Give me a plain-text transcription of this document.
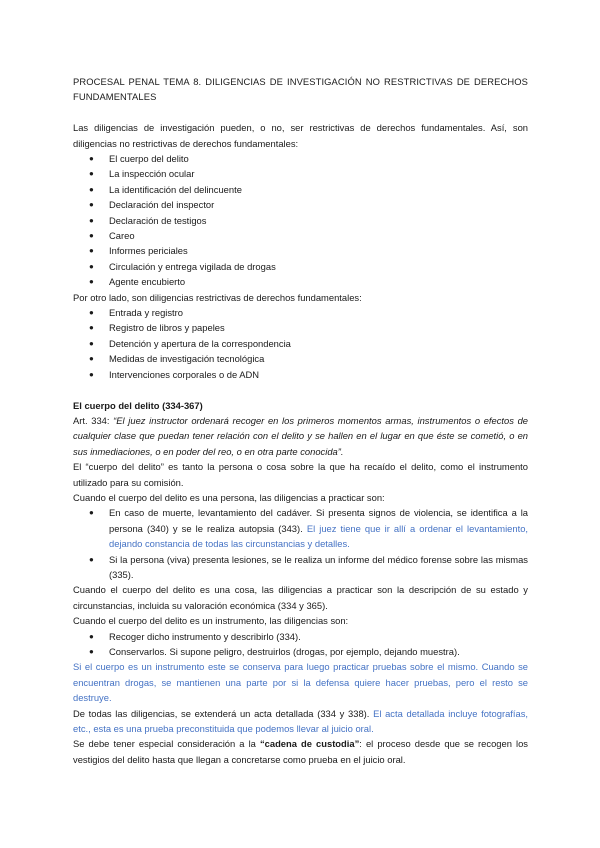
PROCESAL PENAL TEMA 8. DILIGENCIAS DE INVESTIGACIÓN NO RESTRICTIVAS DE DERECHOS FUNDAMENTALES

Las diligencias de investigación pueden, o no, ser restrictivas de derechos fundamentales. Así, son diligencias no restrictivas de derechos fundamentales:

● El cuerpo del delito
● La inspección ocular
● La identificación del delincuente
● Declaración del inspector
● Declaración de testigos
● Careo
● Informes periciales
● Circulación y entrega vigilada de drogas
● Agente encubierto

Por otro lado, son diligencias restrictivas de derechos fundamentales:

● Entrada y registro
● Registro de libros y papeles
● Detención y apertura de la correspondencia
● Medidas de investigación tecnológica
● Intervenciones corporales o de ADN

El cuerpo del delito (334-367)

Art. 334: “El juez instructor ordenará recoger en los primeros momentos armas, instrumentos o efectos de cualquier clase que puedan tener relación con el delito y se hallen en el lugar en que éste se cometió, o en sus inmediaciones, o en poder del reo, o en otra parte conocida”.

El “cuerpo del delito” es tanto la persona o cosa sobre la que ha recaído el delito, como el instrumento utilizado para su comisión.

Cuando el cuerpo del delito es una persona, las diligencias a practicar son:

● En caso de muerte, levantamiento del cadáver. Si presenta signos de violencia, se identifica a la persona (340) y se le realiza autopsia (343). El juez tiene que ir allí a ordenar el levantamiento, dejando constancia de todas las circunstancias y detalles.
● Si la persona (viva) presenta lesiones, se le realiza un informe del médico forense sobre las mismas (335).

Cuando el cuerpo del delito es una cosa, las diligencias a practicar son la descripción de su estado y circunstancias, incluida su valoración económica (334 y 365).

Cuando el cuerpo del delito es un instrumento, las diligencias son:

● Recoger dicho instrumento y describirlo (334).
● Conservarlos. Si supone peligro, destruirlos (drogas, por ejemplo, dejando muestra).

Si el cuerpo es un instrumento este se conserva para luego practicar pruebas sobre el mismo. Cuando se encuentran drogas, se mantienen una parte por si la defensa quiere hacer pruebas, pero el resto se destruye.

De todas las diligencias, se extenderá un acta detallada (334 y 338). El acta detallada incluye fotografías, etc., esta es una prueba preconstituida que podemos llevar al juicio oral.

Se debe tener especial consideración a la “cadena de custodia”: el proceso desde que se recogen los vestigios del delito hasta que llegan a concretarse como prueba en el juicio oral.
